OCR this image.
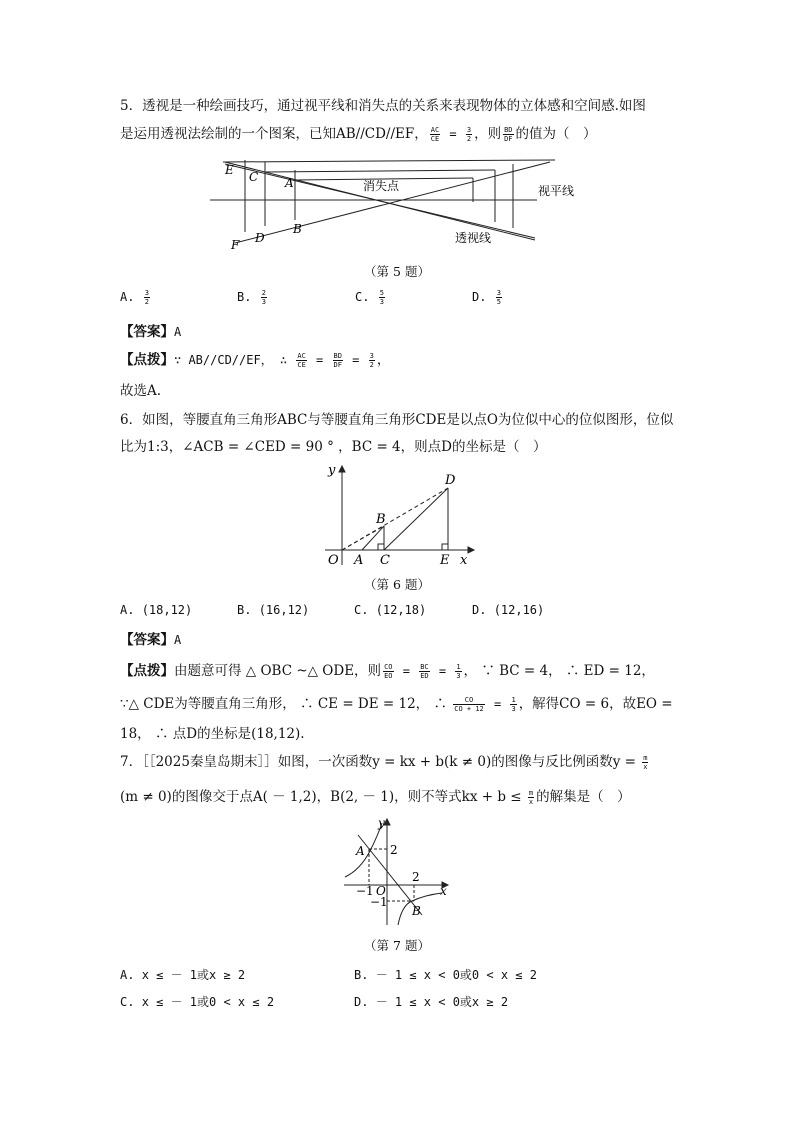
5．透视是一种绘画技巧，通过视平线和消失点的关系来表现物体的立体感和空间感.如图
是运用透视法绘制的一个图案，已知AB//CD//EF， $\frac{AC}{CE} = \frac{3}{2}$ ，则 $\frac{BD}{DF}$ 的值为（　）
E C A
F D
B
消失点	视平线
透视线
（第 5 题）
A. $\frac{3}{2}$	B. $\frac{2}{3}$	C. $\frac{5}{3}$	D. $\frac{3}{5}$
【答案】A
【点拨】∵ AB//CD//EF， ∴ $\frac{AC}{CE} = \frac{BD}{DF} = \frac{3}{2}$ ，
故选A.
6．如图，等腰直角三角形ABC与等腰直角三角形CDE是以点O为位似中心的位似图形，位似
比为1:3，∠ACB = ∠CED = 90 ° ，BC = 4，则点D的坐标是（　）
y
x
O A
B
C
D
E
（第 6 题）
A. (18,12)	B. (16,12)	C. (12,18)	D. (12,16)
【答案】A
【点拨】由题意可得 △ OBC ~△ ODE，则 $\frac{CO}{EO} = \frac{BC}{ED} = \frac{1}{3}$ ， ∵ BC = 4， ∴ ED = 12，
∵△ CDE为等腰直角三角形， ∴ CE = DE = 12， ∴ $\frac{CO}{CO + 12} = \frac{1}{3}$ ，解得CO = 6，故EO =
18， ∴ 点D的坐标是(18,12).
7．［［2025秦皇岛期末］］如图，一次函数y = kx + b(k ≠ 0)的图像与反比例函数$y = \frac{m}{x}$
(m ≠ 0)的图像交于点A( － 1,2)，B(2, － 1)，则不等式kx + $b \le \frac{m}{x}$ 的解集是（　）
y
x
A
B
2
2
−1 O
−1
（第 7 题）
A. x ≤ － 1或x ≥ 2	B. － 1 ≤ x < 0或0 < x ≤ 2
C. x ≤ － 1或0 < x ≤ 2	D. － 1 ≤ x < 0或x ≥ 2
